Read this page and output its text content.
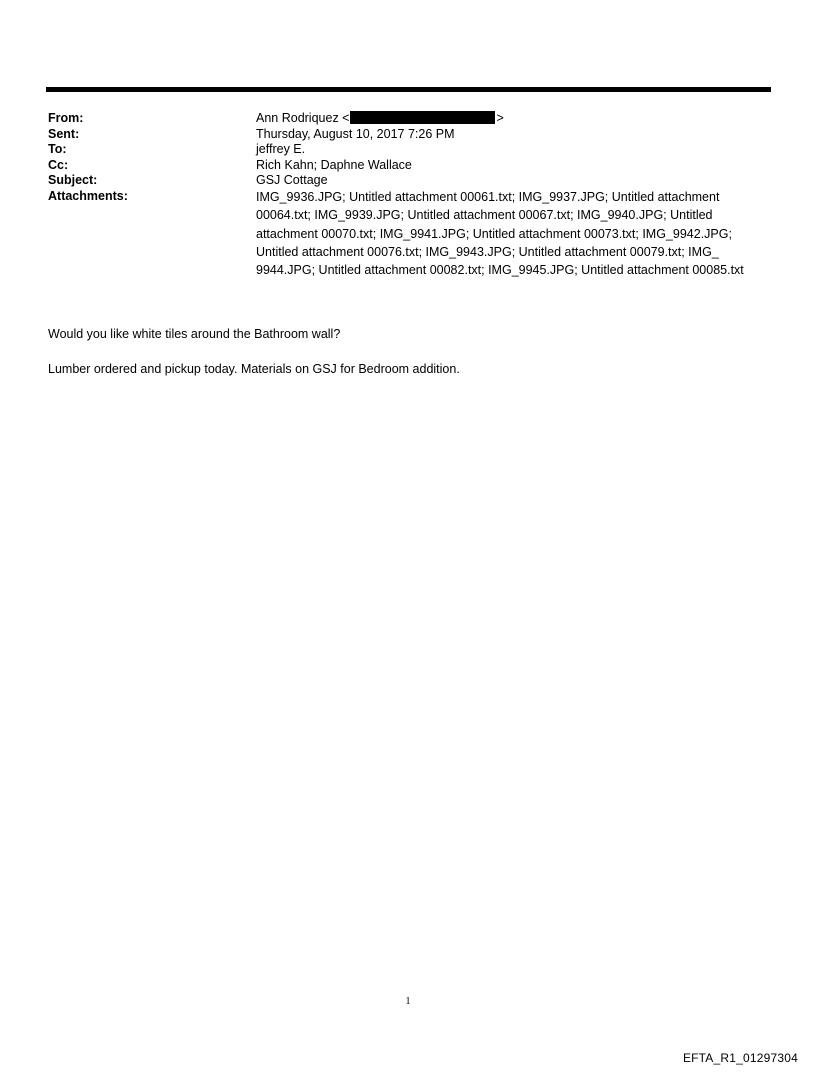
From:	Ann Rodriquez <	>
Sent:	Thursday, August 10, 2017 7:26 PM
To:	jeffrey E.
Cc:	Rich Kahn; Daphne Wallace
Subject:	GSJ Cottage
Attachments:	IMG_9936.JPG; Untitled attachment 00061.txt; IMG_9937.JPG; Untitled attachment 00064.txt; IMG_9939.JPG; Untitled attachment 00067.txt; IMG_9940.JPG; Untitled attachment 00070.txt; IMG_9941.JPG; Untitled attachment 00073.txt; IMG_9942.JPG; Untitled attachment 00076.txt; IMG_9943.JPG; Untitled attachment 00079.txt; IMG_ 9944.JPG; Untitled attachment 00082.txt; IMG_9945.JPG; Untitled attachment 00085.txt
Would you like white tiles around the Bathroom wall?
Lumber ordered and pickup today. Materials on GSJ for Bedroom addition.
1
EFTA_R1_01297304
